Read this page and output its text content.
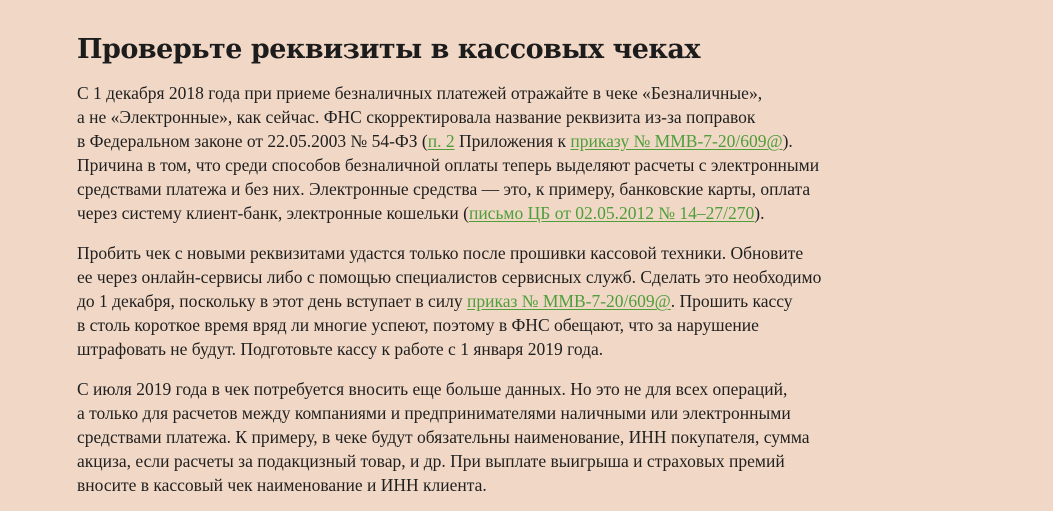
Проверьте реквизиты в кассовых чеках

С 1 декабря 2018 года при приеме безналичных платежей отражайте в чеке «Безналичные»,
а не «Электронные», как сейчас. ФНС скорректировала название реквизита из-за поправок
в Федеральном законе от 22.05.2003 № 54-ФЗ (п. 2 Приложения к приказу № ММВ-7-20/609@).
Причина в том, что среди способов безналичной оплаты теперь выделяют расчеты с электронными
средствами платежа и без них. Электронные средства — это, к примеру, банковские карты, оплата
через систему клиент-банк, электронные кошельки (письмо ЦБ от 02.05.2012 № 14–27/270).

Пробить чек с новыми реквизитами удастся только после прошивки кассовой техники. Обновите
ее через онлайн-сервисы либо с помощью специалистов сервисных служб. Сделать это необходимо
до 1 декабря, поскольку в этот день вступает в силу приказ № ММВ-7-20/609@. Прошить кассу
в столь короткое время вряд ли многие успеют, поэтому в ФНС обещают, что за нарушение
штрафовать не будут. Подготовьте кассу к работе с 1 января 2019 года.

С июля 2019 года в чек потребуется вносить еще больше данных. Но это не для всех операций,
а только для расчетов между компаниями и предпринимателями наличными или электронными
средствами платежа. К примеру, в чеке будут обязательны наименование, ИНН покупателя, сумма
акциза, если расчеты за подакцизный товар, и др. При выплате выигрыша и страховых премий
вносите в кассовый чек наименование и ИНН клиента.
